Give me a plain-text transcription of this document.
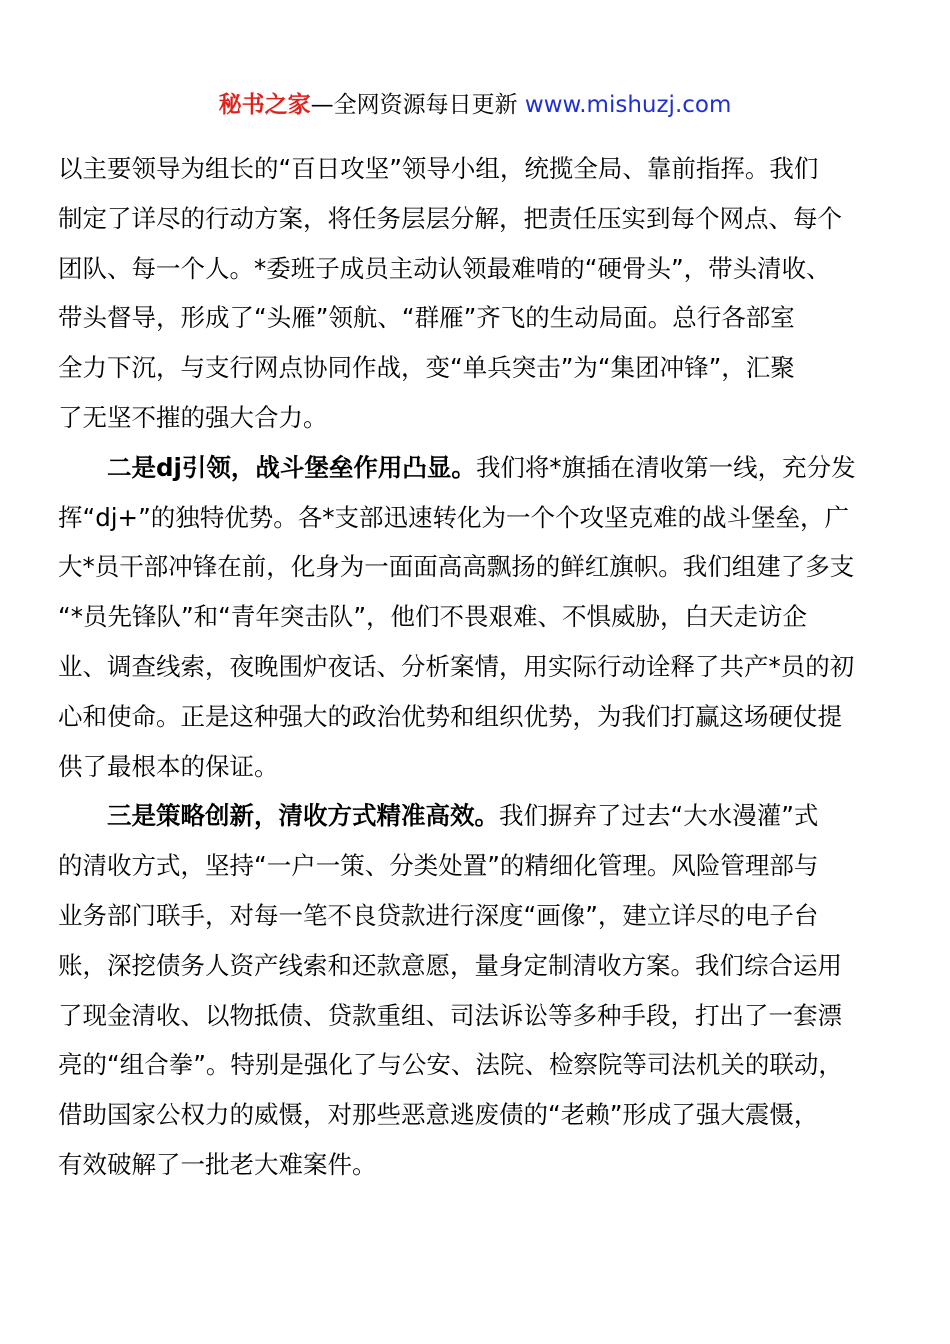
秘书之家—全网资源每日更新 www.mishuzj.com
以主要领导为组长的“百日攻坚”领导小组，统揽全局、靠前指挥。我们
制定了详尽的行动方案，将任务层层分解，把责任压实到每个网点、每个
团队、每一个人。*委班子成员主动认领最难啃的“硬骨头”，带头清收、
带头督导，形成了“头雁”领航、“群雁”齐飞的生动局面。总行各部室
全力下沉，与支行网点协同作战，变“单兵突击”为“集团冲锋”，汇聚
了无坚不摧的强大合力。
二是dj引领，战斗堡垒作用凸显。我们将*旗插在清收第一线，充分发
挥“dj+”的独特优势。各*支部迅速转化为一个个攻坚克难的战斗堡垒，广
大*员干部冲锋在前，化身为一面面高高飘扬的鲜红旗帜。我们组建了多支
“*员先锋队”和“青年突击队”，他们不畏艰难、不惧威胁，白天走访企
业、调查线索，夜晚围炉夜话、分析案情，用实际行动诠释了共产*员的初
心和使命。正是这种强大的政治优势和组织优势，为我们打赢这场硬仗提
供了最根本的保证。
三是策略创新，清收方式精准高效。我们摒弃了过去“大水漫灌”式
的清收方式，坚持“一户一策、分类处置”的精细化管理。风险管理部与
业务部门联手，对每一笔不良贷款进行深度“画像”，建立详尽的电子台
账，深挖债务人资产线索和还款意愿，量身定制清收方案。我们综合运用
了现金清收、以物抵债、贷款重组、司法诉讼等多种手段，打出了一套漂
亮的“组合拳”。特别是强化了与公安、法院、检察院等司法机关的联动，
借助国家公权力的威慑，对那些恶意逃废债的“老赖”形成了强大震慑，
有效破解了一批老大难案件。
